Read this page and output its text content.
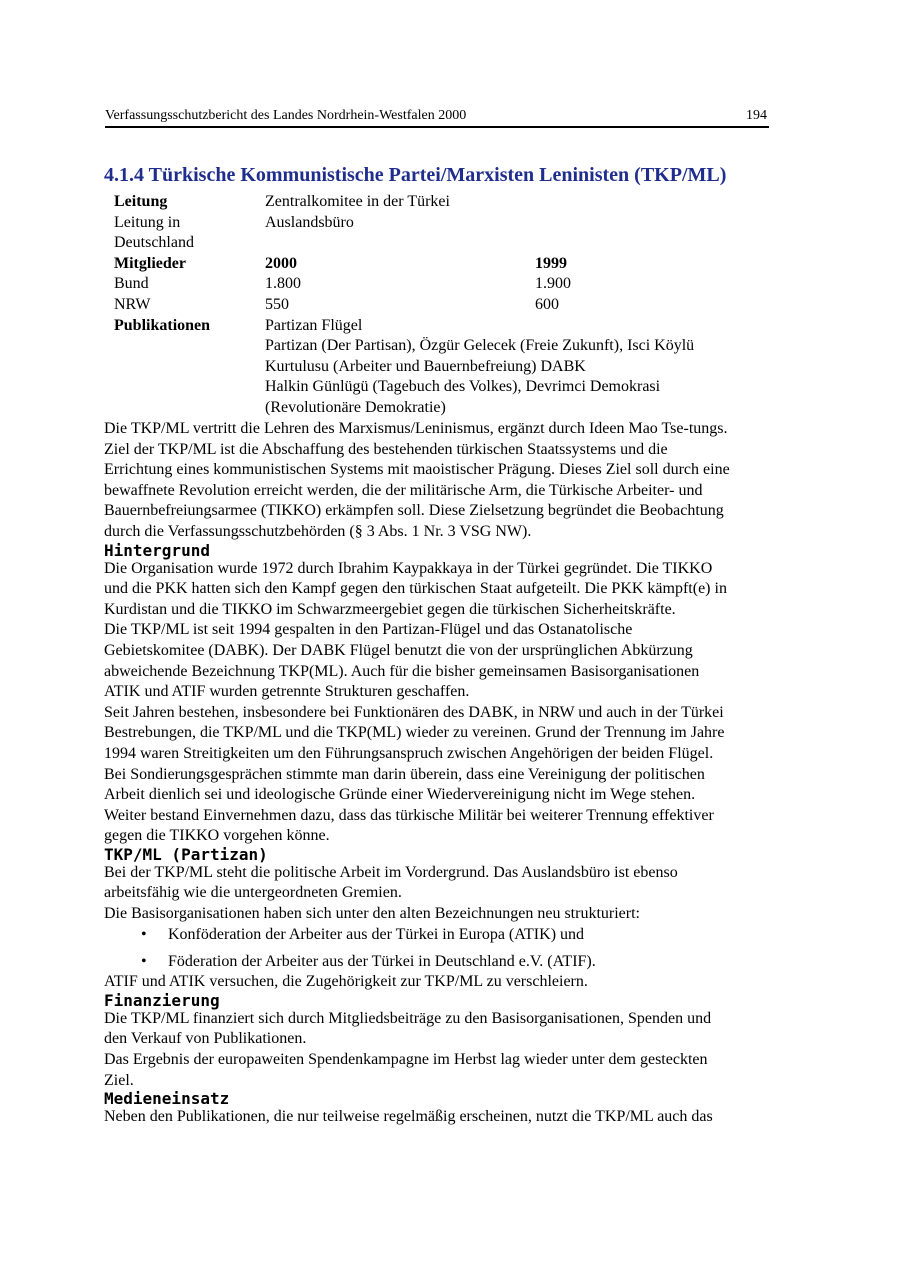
Verfassungsschutzbericht des Landes Nordrhein-Westfalen 2000	194
4.1.4 Türkische Kommunistische Partei/Marxisten Leninisten (TKP/ML)
Leitung	Zentralkomitee in der Türkei	
Leitung in
Deutschland	Auslandsbüro	
Mitglieder	2000	1999
Bund	1.800	1.900
NRW	550	600
Publikationen	Partizan Flügel
Partizan (Der Partisan), Özgür Gelecek (Freie Zukunft), Isci Köylü
Kurtulusu (Arbeiter und Bauernbefreiung) DABK
Halkin Günlügü (Tagebuch des Volkes), Devrimci Demokrasi
(Revolutionäre Demokratie)	

Die TKP/ML vertritt die Lehren des Marxismus/Leninismus, ergänzt durch Ideen Mao Tse-tungs.
Ziel der TKP/ML ist die Abschaffung des bestehenden türkischen Staatssystems und die
Errichtung eines kommunistischen Systems mit maoistischer Prägung. Dieses Ziel soll durch eine
bewaffnete Revolution erreicht werden, die der militärische Arm, die Türkische Arbeiter- und
Bauernbefreiungsarmee (TIKKO) erkämpfen soll. Diese Zielsetzung begründet die Beobachtung
durch die Verfassungsschutzbehörden (§ 3 Abs. 1 Nr. 3 VSG NW).

Hintergrund

Die Organisation wurde 1972 durch Ibrahim Kaypakkaya in der Türkei gegründet. Die TIKKO
und die PKK hatten sich den Kampf gegen den türkischen Staat aufgeteilt. Die PKK kämpft(e) in
Kurdistan und die TIKKO im Schwarzmeergebiet gegen die türkischen Sicherheitskräfte.
Die TKP/ML ist seit 1994 gespalten in den Partizan-Flügel und das Ostanatolische
Gebietskomitee (DABK). Der DABK Flügel benutzt die von der ursprünglichen Abkürzung
abweichende Bezeichnung TKP(ML). Auch für die bisher gemeinsamen Basisorganisationen
ATIK und ATIF wurden getrennte Strukturen geschaffen.
Seit Jahren bestehen, insbesondere bei Funktionären des DABK, in NRW und auch in der Türkei
Bestrebungen, die TKP/ML und die TKP(ML) wieder zu vereinen. Grund der Trennung im Jahre
1994 waren Streitigkeiten um den Führungsanspruch zwischen Angehörigen der beiden Flügel.
Bei Sondierungsgesprächen stimmte man darin überein, dass eine Vereinigung der politischen
Arbeit dienlich sei und ideologische Gründe einer Wiedervereinigung nicht im Wege stehen.
Weiter bestand Einvernehmen dazu, dass das türkische Militär bei weiterer Trennung effektiver
gegen die TIKKO vorgehen könne.

TKP/ML (Partizan)

Bei der TKP/ML steht die politische Arbeit im Vordergrund. Das Auslandsbüro ist ebenso
arbeitsfähig wie die untergeordneten Gremien.
Die Basisorganisationen haben sich unter den alten Bezeichnungen neu strukturiert:

• Konföderation der Arbeiter aus der Türkei in Europa (ATIK) und
• Föderation der Arbeiter aus der Türkei in Deutschland e.V. (ATIF).

ATIF und ATIK versuchen, die Zugehörigkeit zur TKP/ML zu verschleiern.

Finanzierung

Die TKP/ML finanziert sich durch Mitgliedsbeiträge zu den Basisorganisationen, Spenden und
den Verkauf von Publikationen.
Das Ergebnis der europaweiten Spendenkampagne im Herbst lag wieder unter dem gesteckten
Ziel.

Medieneinsatz

Neben den Publikationen, die nur teilweise regelmäßig erscheinen, nutzt die TKP/ML auch das
